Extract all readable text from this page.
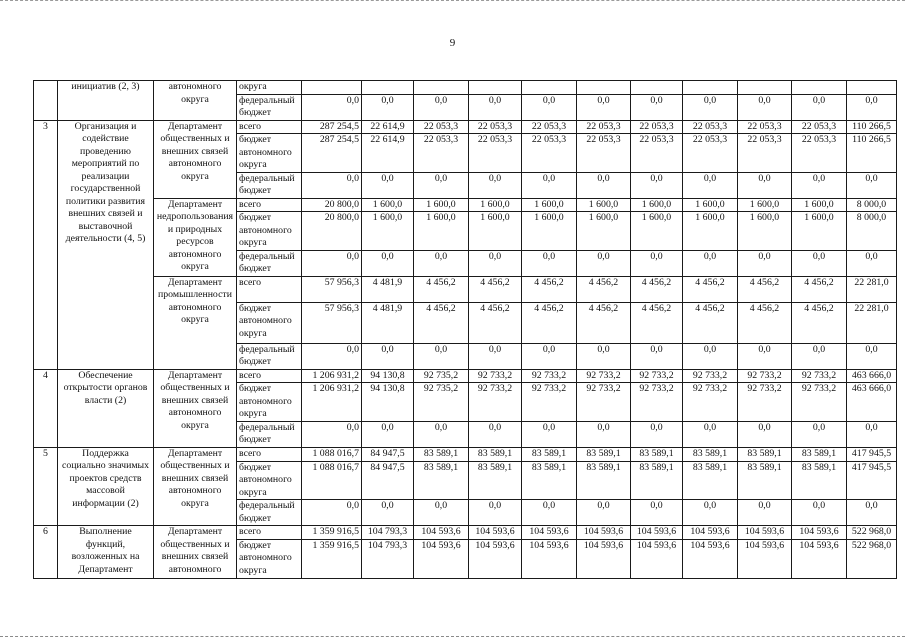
9
	инициатив (2, 3)	автономного округа	округа											
			федеральный бюджет	0,0	0,0	0,0	0,0	0,0	0,0	0,0	0,0	0,0	0,0	0,0
3	Организация и содействие проведению мероприятий по реализации государственной политики развития внешних связей и выставочной деятельности (4, 5)	Департамент общественных и внешних связей автономного округа	всего	287 254,5	22 614,9	22 053,3	22 053,3	22 053,3	22 053,3	22 053,3	22 053,3	22 053,3	22 053,3	110 266,5
			бюджет автономного округа	287 254,5	22 614,9	22 053,3	22 053,3	22 053,3	22 053,3	22 053,3	22 053,3	22 053,3	22 053,3	110 266,5
			федеральный бюджет	0,0	0,0	0,0	0,0	0,0	0,0	0,0	0,0	0,0	0,0	0,0
		Департамент недропользования и природных ресурсов автономного округа	всего	20 800,0	1 600,0	1 600,0	1 600,0	1 600,0	1 600,0	1 600,0	1 600,0	1 600,0	1 600,0	8 000,0
			бюджет автономного округа	20 800,0	1 600,0	1 600,0	1 600,0	1 600,0	1 600,0	1 600,0	1 600,0	1 600,0	1 600,0	8 000,0
			федеральный бюджет	0,0	0,0	0,0	0,0	0,0	0,0	0,0	0,0	0,0	0,0	0,0
		Департамент промышленности автономного округа	всего	57 956,3	4 481,9	4 456,2	4 456,2	4 456,2	4 456,2	4 456,2	4 456,2	4 456,2	4 456,2	22 281,0
			бюджет автономного округа	57 956,3	4 481,9	4 456,2	4 456,2	4 456,2	4 456,2	4 456,2	4 456,2	4 456,2	4 456,2	22 281,0
			федеральный бюджет	0,0	0,0	0,0	0,0	0,0	0,0	0,0	0,0	0,0	0,0	0,0
4	Обеспечение открытости органов власти (2)	Департамент общественных и внешних связей автономного округа	всего	1 206 931,2	94 130,8	92 735,2	92 733,2	92 733,2	92 733,2	92 733,2	92 733,2	92 733,2	92 733,2	463 666,0
			бюджет автономного округа	1 206 931,2	94 130,8	92 735,2	92 733,2	92 733,2	92 733,2	92 733,2	92 733,2	92 733,2	92 733,2	463 666,0
			федеральный бюджет	0,0	0,0	0,0	0,0	0,0	0,0	0,0	0,0	0,0	0,0	0,0
5	Поддержка социально значимых проектов средств массовой информации (2)	Департамент общественных и внешних связей автономного округа	всего	1 088 016,7	84 947,5	83 589,1	83 589,1	83 589,1	83 589,1	83 589,1	83 589,1	83 589,1	83 589,1	417 945,5
			бюджет автономного округа	1 088 016,7	84 947,5	83 589,1	83 589,1	83 589,1	83 589,1	83 589,1	83 589,1	83 589,1	83 589,1	417 945,5
			федеральный бюджет	0,0	0,0	0,0	0,0	0,0	0,0	0,0	0,0	0,0	0,0	0,0
6	Выполнение функций, возложенных на Департамент	Департамент общественных и внешних связей автономного	всего	1 359 916,5	104 793,3	104 593,6	104 593,6	104 593,6	104 593,6	104 593,6	104 593,6	104 593,6	104 593,6	522 968,0
			бюджет автономного округа	1 359 916,5	104 793,3	104 593,6	104 593,6	104 593,6	104 593,6	104 593,6	104 593,6	104 593,6	104 593,6	522 968,0
